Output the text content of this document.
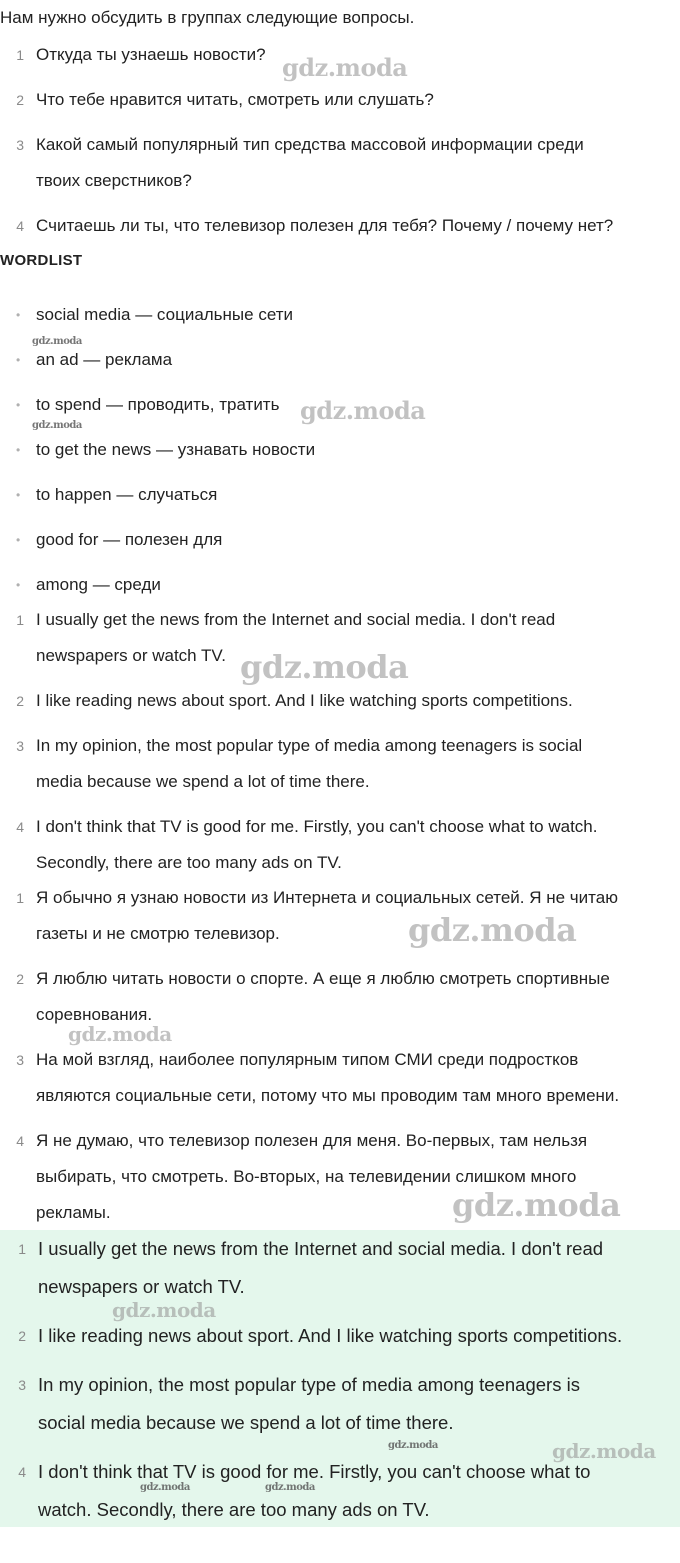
Нам нужно обсудить в группах следующие вопросы.
1 Откуда ты узнаешь новости?
2 Что тебе нравится читать, смотреть или слушать?
3 Какой самый популярный тип средства массовой информации среди
твоих сверстников?
4 Считаешь ли ты, что телевизор полезен для тебя? Почему / почему нет?
WORDLIST
• social media — социальные сети
• an ad — реклама
• to spend — проводить, тратить
• to get the news — узнавать новости
• to happen — случаться
• good for — полезен для
• among — среди
1 I usually get the news from the Internet and social media. I don't read
newspapers or watch TV.
2 I like reading news about sport. And I like watching sports competitions.
3 In my opinion, the most popular type of media among teenagers is social
media because we spend a lot of time there.
4 I don't think that TV is good for me. Firstly, you can't choose what to watch.
Secondly, there are too many ads on TV.
1 Я обычно я узнаю новости из Интернета и социальных сетей. Я не читаю
газеты и не смотрю телевизор.
2 Я люблю читать новости о спорте. А еще я люблю смотреть спортивные
соревнования.
3 На мой взгляд, наиболее популярным типом СМИ среди подростков
являются социальные сети, потому что мы проводим там много времени.
4 Я не думаю, что телевизор полезен для меня. Во-первых, там нельзя
выбирать, что смотреть. Во-вторых, на телевидении слишком много
рекламы.
1 I usually get the news from the Internet and social media. I don't read
newspapers or watch TV.
2 I like reading news about sport. And I like watching sports competitions.
3 In my opinion, the most popular type of media among teenagers is
social media because we spend a lot of time there.
4 I don't think that TV is good for me. Firstly, you can't choose what to
watch. Secondly, there are too many ads on TV.
gdz.moda
gdz.moda
gdz.moda
gdz.moda
gdz.moda
gdz.moda
gdz.moda
gdz.moda
gdz.moda
gdz.moda	gdz.moda
gdz.moda	gdz.moda
